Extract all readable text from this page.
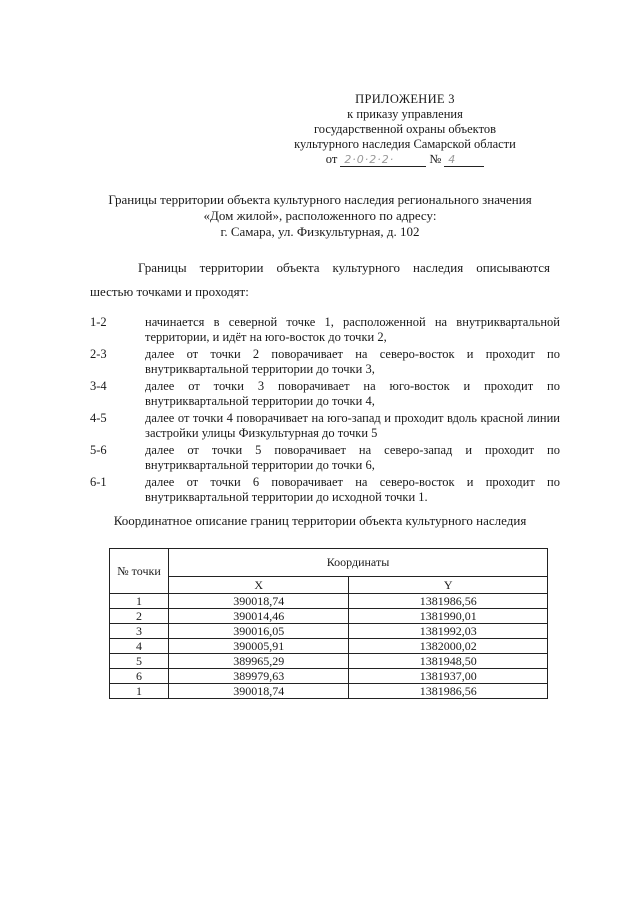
ПРИЛОЖЕНИЕ 3
к приказу управления
государственной охраны объектов
культурного наследия Самарской области
от 2·0·2·2·	№ 4
Границы территории объекта культурного наследия регионального значения
«Дом жилой», расположенного по адресу:
г. Самара, ул. Физкультурная, д. 102
Границы территории объекта культурного наследия описываются
шестью точками и проходят:
1-2	начинается в северной точке 1, расположенной на внутриквартальной территории, и идёт на юго-восток до точки 2,
2-3	далее от точки 2 поворачивает на северо-восток и проходит по внутриквартальной территории до точки 3,
3-4	далее от точки 3 поворачивает на юго-восток и проходит по внутриквартальной территории до точки 4,
4-5	далее от точки 4 поворачивает на юго-запад и проходит вдоль красной линии застройки улицы Физкультурная до точки 5
5-6	далее от точки 5 поворачивает на северо-запад и проходит по внутриквартальной территории до точки 6,
6-1	далее от точки 6 поворачивает на северо-восток и проходит по внутриквартальной территории до исходной точки 1.
Координатное описание границ территории объекта культурного наследия
№ точки	Координаты	
	X	Y
1	390018,74	1381986,56
2	390014,46	1381990,01
3	390016,05	1381992,03
4	390005,91	1382000,02
5	389965,29	1381948,50
6	389979,63	1381937,00
1	390018,74	1381986,56
